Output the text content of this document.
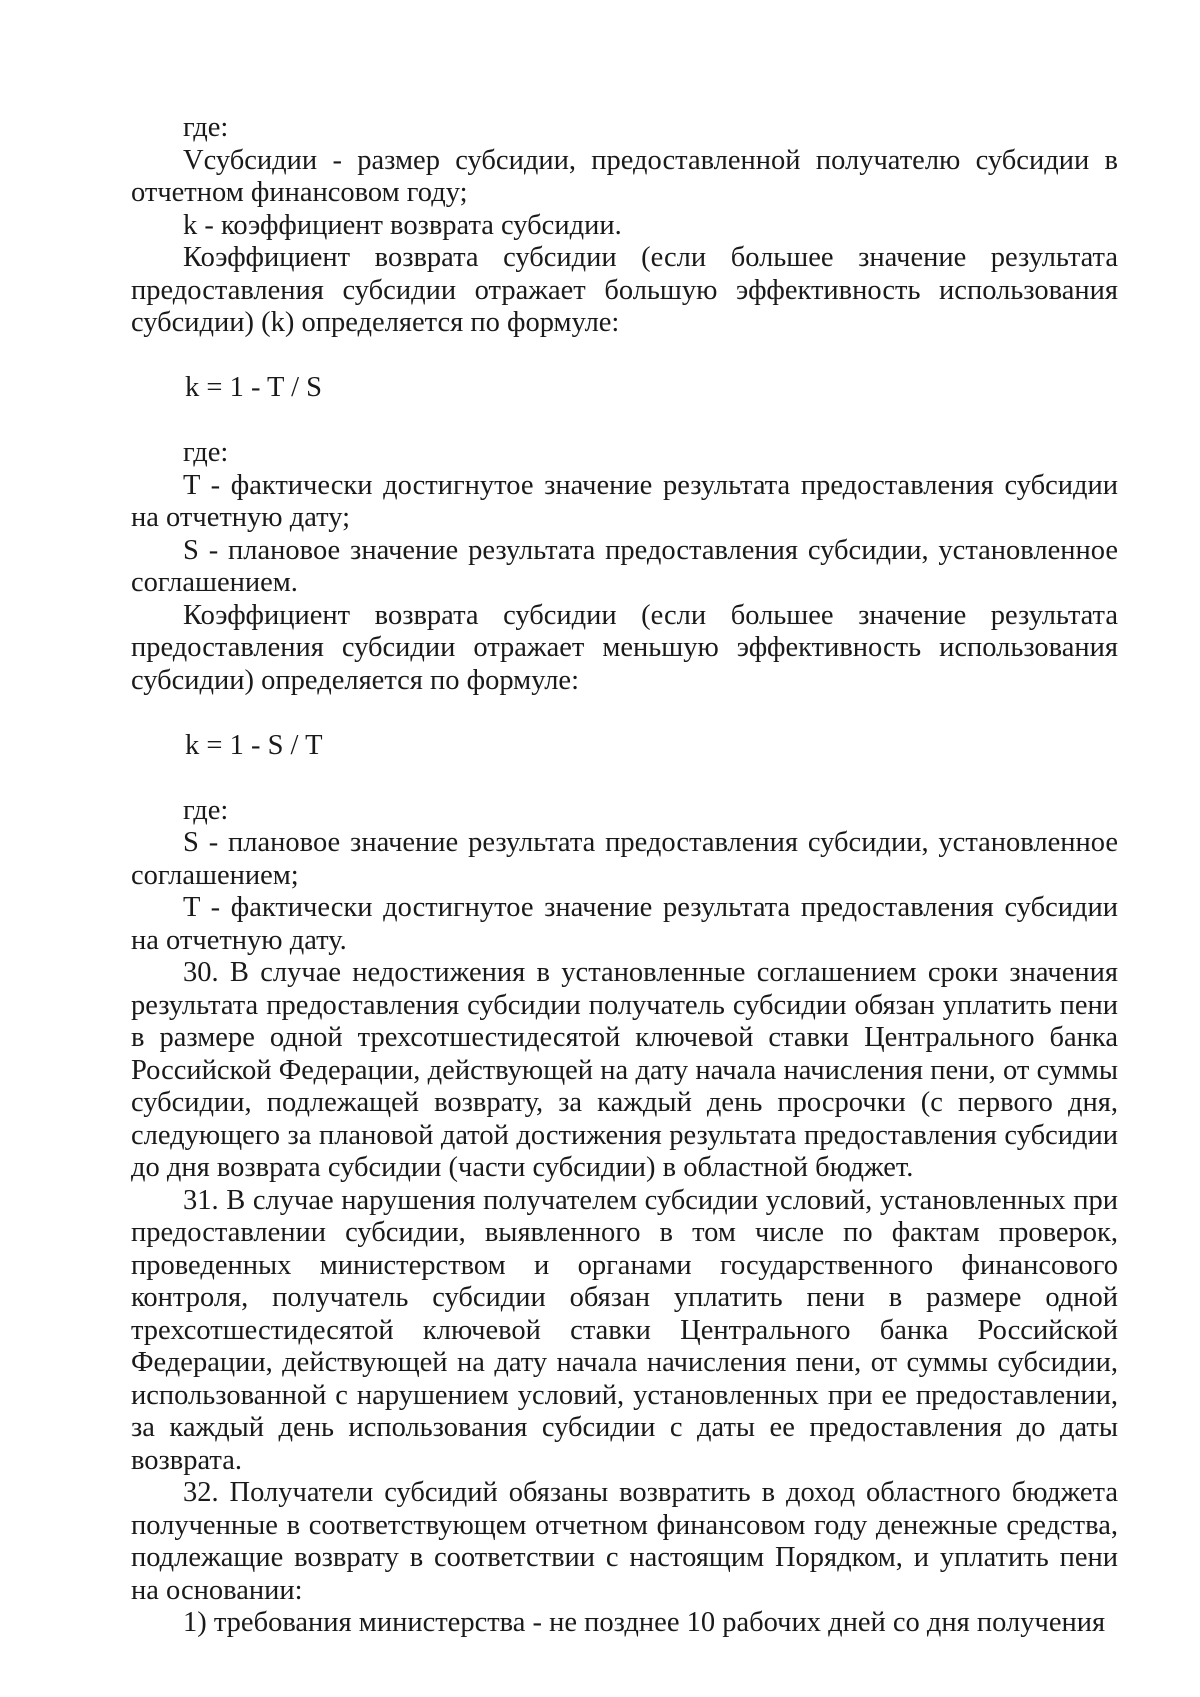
где:

Vсубсидии - размер субсидии, предоставленной получателю субсидии в отчетном финансовом году;

k - коэффициент возврата субсидии.

Коэффициент возврата субсидии (если большее значение результата предоставления субсидии отражает большую эффективность использования субсидии) (k) определяется по формуле:

k = 1 - T / S

где:

T - фактически достигнутое значение результата предоставления субсидии на отчетную дату;

S - плановое значение результата предоставления субсидии, установленное соглашением.

Коэффициент возврата субсидии (если большее значение результата предоставления субсидии отражает меньшую эффективность использования субсидии) определяется по формуле:

k = 1 - S / T

где:

S - плановое значение результата предоставления субсидии, установленное соглашением;

T - фактически достигнутое значение результата предоставления субсидии на отчетную дату.

30. В случае недостижения в установленные соглашением сроки значения результата предоставления субсидии получатель субсидии обязан уплатить пени в размере одной трехсотшестидесятой ключевой ставки Центрального банка Российской Федерации, действующей на дату начала начисления пени, от суммы субсидии, подлежащей возврату, за каждый день просрочки (с первого дня, следующего за плановой датой достижения результата предоставления субсидии до дня возврата субсидии (части субсидии) в областной бюджет.

31. В случае нарушения получателем субсидии условий, установленных при предоставлении субсидии, выявленного в том числе по фактам проверок, проведенных министерством и органами государственного финансового контроля, получатель субсидии обязан уплатить пени в размере одной трехсотшестидесятой ключевой ставки Центрального банка Российской Федерации, действующей на дату начала начисления пени, от суммы субсидии, использованной с нарушением условий, установленных при ее предоставлении, за каждый день использования субсидии с даты ее предоставления до даты возврата.

32. Получатели субсидий обязаны возвратить в доход областного бюджета полученные в соответствующем отчетном финансовом году денежные средства, подлежащие возврату в соответствии с настоящим Порядком, и уплатить пени на основании:

1) требования министерства - не позднее 10 рабочих дней со дня получения
